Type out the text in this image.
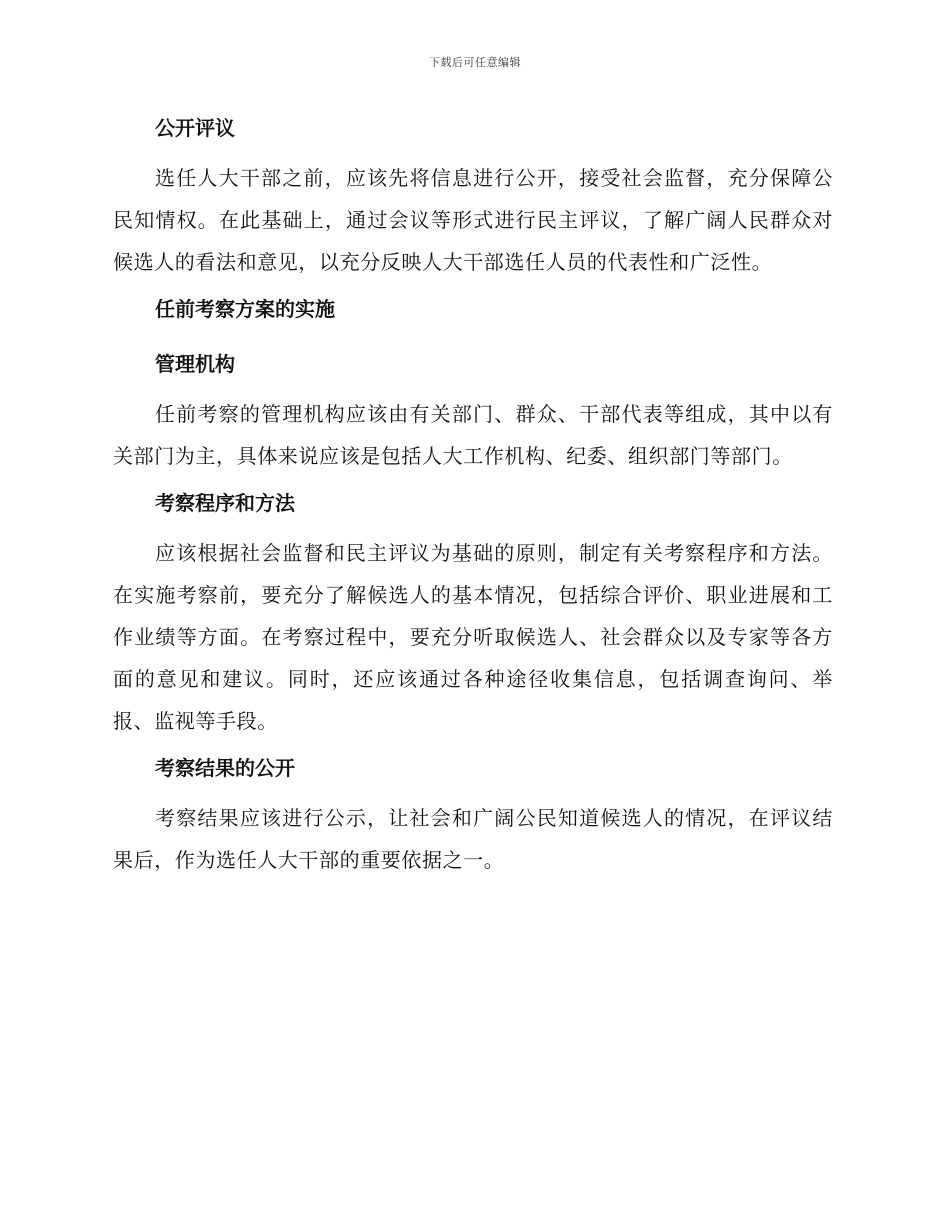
下载后可任意编辑
公开评议

选任人大干部之前，应该先将信息进行公开，接受社会监督，充分保障公民知情权。在此基础上，通过会议等形式进行民主评议，了解广阔人民群众对候选人的看法和意见，以充分反映人大干部选任人员的代表性和广泛性。

任前考察方案的实施
管理机构

任前考察的管理机构应该由有关部门、群众、干部代表等组成，其中以有关部门为主，具体来说应该是包括人大工作机构、纪委、组织部门等部门。

考察程序和方法

应该根据社会监督和民主评议为基础的原则，制定有关考察程序和方法。在实施考察前，要充分了解候选人的基本情况，包括综合评价、职业进展和工作业绩等方面。在考察过程中，要充分听取候选人、社会群众以及专家等各方面的意见和建议。同时，还应该通过各种途径收集信息，包括调查询问、举报、监视等手段。

考察结果的公开

考察结果应该进行公示，让社会和广阔公民知道候选人的情况，在评议结果后，作为选任人大干部的重要依据之一。
